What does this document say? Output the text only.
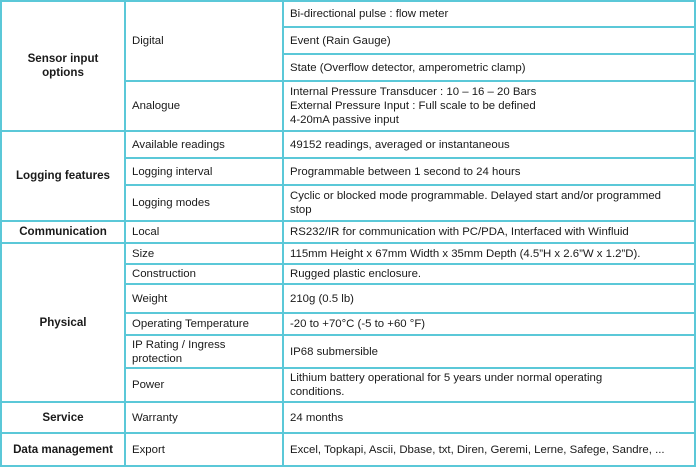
Sensor input options	Digital	Bi-directional pulse : flow meter

		Event (Rain Gauge)

		State (Overflow detector, amperometric clamp)

	Analogue	Internal Pressure Transducer : 10 – 16 – 20 Bars
External Pressure Input : Full scale to be defined
4-20mA passive input

Logging features	Available readings	49152 readings, averaged or instantaneous

	Logging interval	Programmable between 1 second to 24 hours

	Logging modes	Cyclic or blocked mode programmable. Delayed start and/or programmed
stop

Communication	Local	RS232/IR for communication with PC/PDA, Interfaced with Winfluid

Physical	Size	115mm Height x 67mm Width x 35mm Depth (4.5”H x 2.6”W x 1.2”D).

	Construction	Rugged plastic enclosure.

	Weight	210g (0.5 lb)

	Operating Temperature	-20 to +70°C (-5 to +60 °F)

	IP Rating / Ingress
protection	IP68 submersible

	Power	Lithium battery operational for 5 years under normal operating
conditions.

Service	Warranty	24 months

Data management	Export	Excel, Topkapi, Ascii, Dbase, txt, Diren, Geremi, Lerne, Safege, Sandre, ...
